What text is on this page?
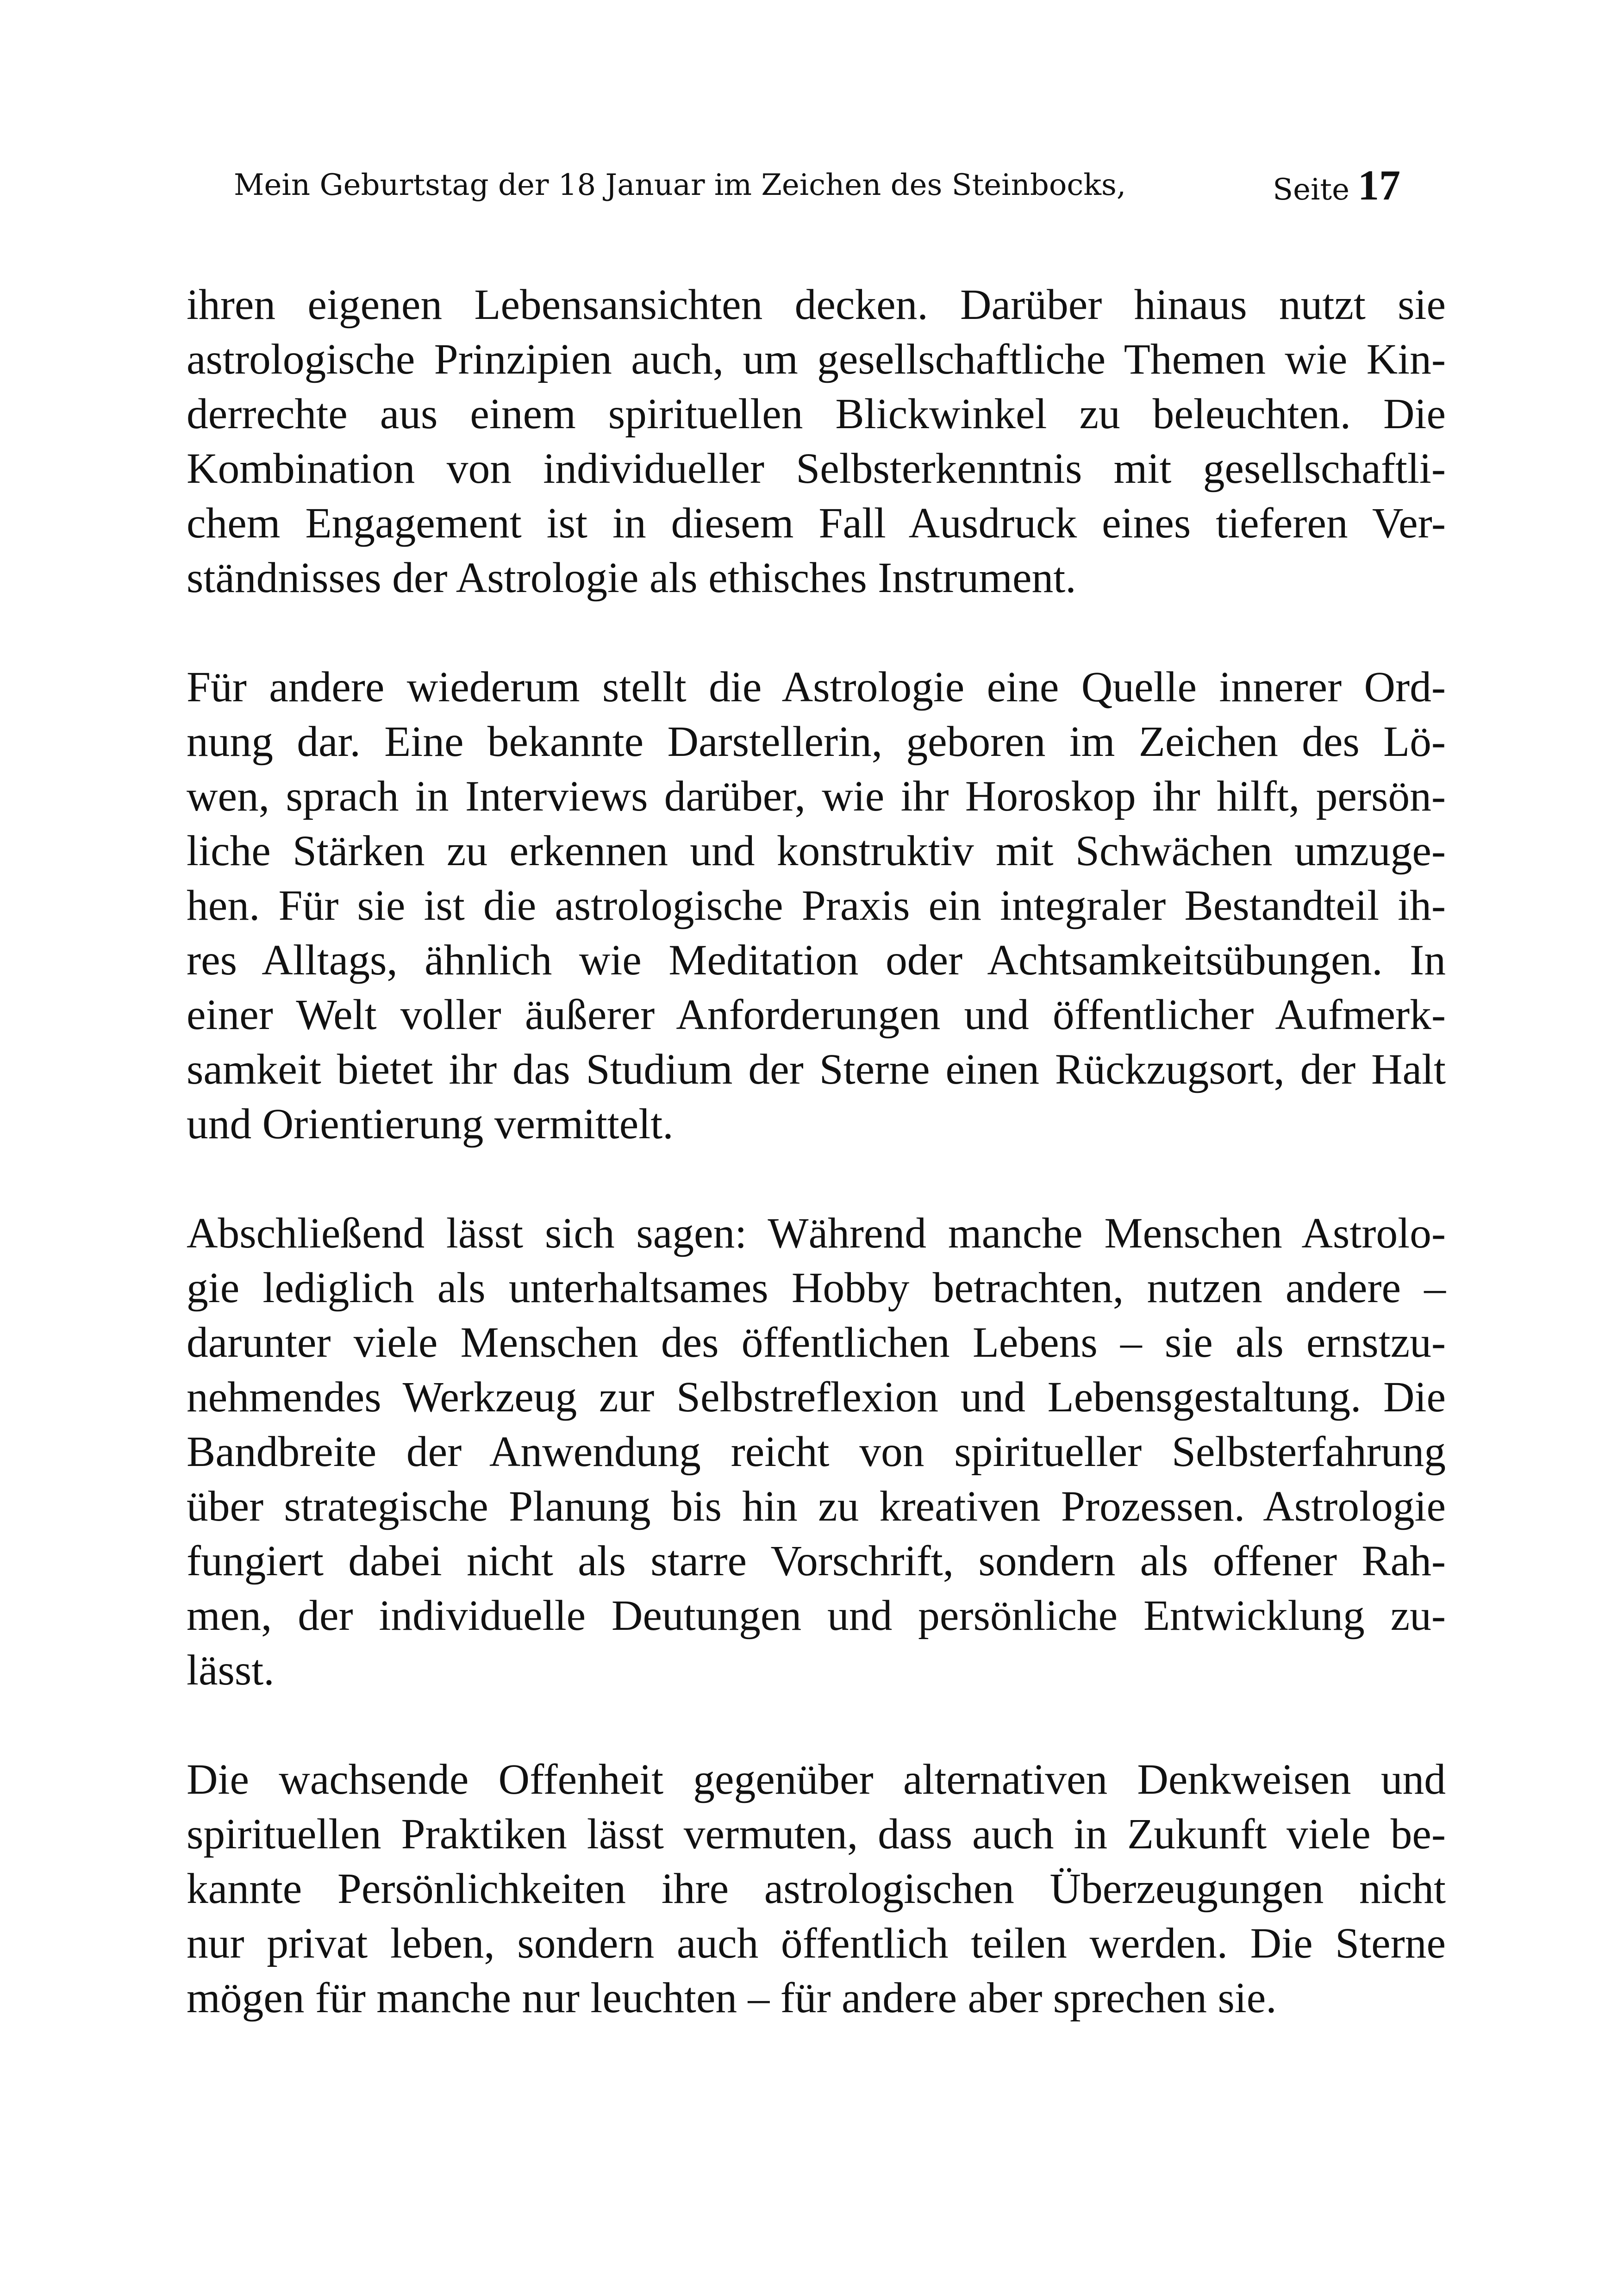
Mein Geburtstag der 18 Januar im Zeichen des Steinbocks,	Seite 17
ihren eigenen Lebensansichten decken. Darüber hinaus nutzt sie
astrologische Prinzipien auch, um gesellschaftliche Themen wie Kin-
derrechte aus einem spirituellen Blickwinkel zu beleuchten. Die
Kombination von individueller Selbsterkenntnis mit gesellschaftli-
chem Engagement ist in diesem Fall Ausdruck eines tieferen Ver-
ständnisses der Astrologie als ethisches Instrument.
Für andere wiederum stellt die Astrologie eine Quelle innerer Ord-
nung dar. Eine bekannte Darstellerin, geboren im Zeichen des Lö-
wen, sprach in Interviews darüber, wie ihr Horoskop ihr hilft, persön-
liche Stärken zu erkennen und konstruktiv mit Schwächen umzuge-
hen. Für sie ist die astrologische Praxis ein integraler Bestandteil ih-
res Alltags, ähnlich wie Meditation oder Achtsamkeitsübungen. In
einer Welt voller äußerer Anforderungen und öffentlicher Aufmerk-
samkeit bietet ihr das Studium der Sterne einen Rückzugsort, der Halt
und Orientierung vermittelt.
Abschließend lässt sich sagen: Während manche Menschen Astrolo-
gie lediglich als unterhaltsames Hobby betrachten, nutzen andere –
darunter viele Menschen des öffentlichen Lebens – sie als ernstzu-
nehmendes Werkzeug zur Selbstreflexion und Lebensgestaltung. Die
Bandbreite der Anwendung reicht von spiritueller Selbsterfahrung
über strategische Planung bis hin zu kreativen Prozessen. Astrologie
fungiert dabei nicht als starre Vorschrift, sondern als offener Rah-
men, der individuelle Deutungen und persönliche Entwicklung zu-
lässt.
Die wachsende Offenheit gegenüber alternativen Denkweisen und
spirituellen Praktiken lässt vermuten, dass auch in Zukunft viele be-
kannte Persönlichkeiten ihre astrologischen Überzeugungen nicht
nur privat leben, sondern auch öffentlich teilen werden. Die Sterne
mögen für manche nur leuchten – für andere aber sprechen sie.
